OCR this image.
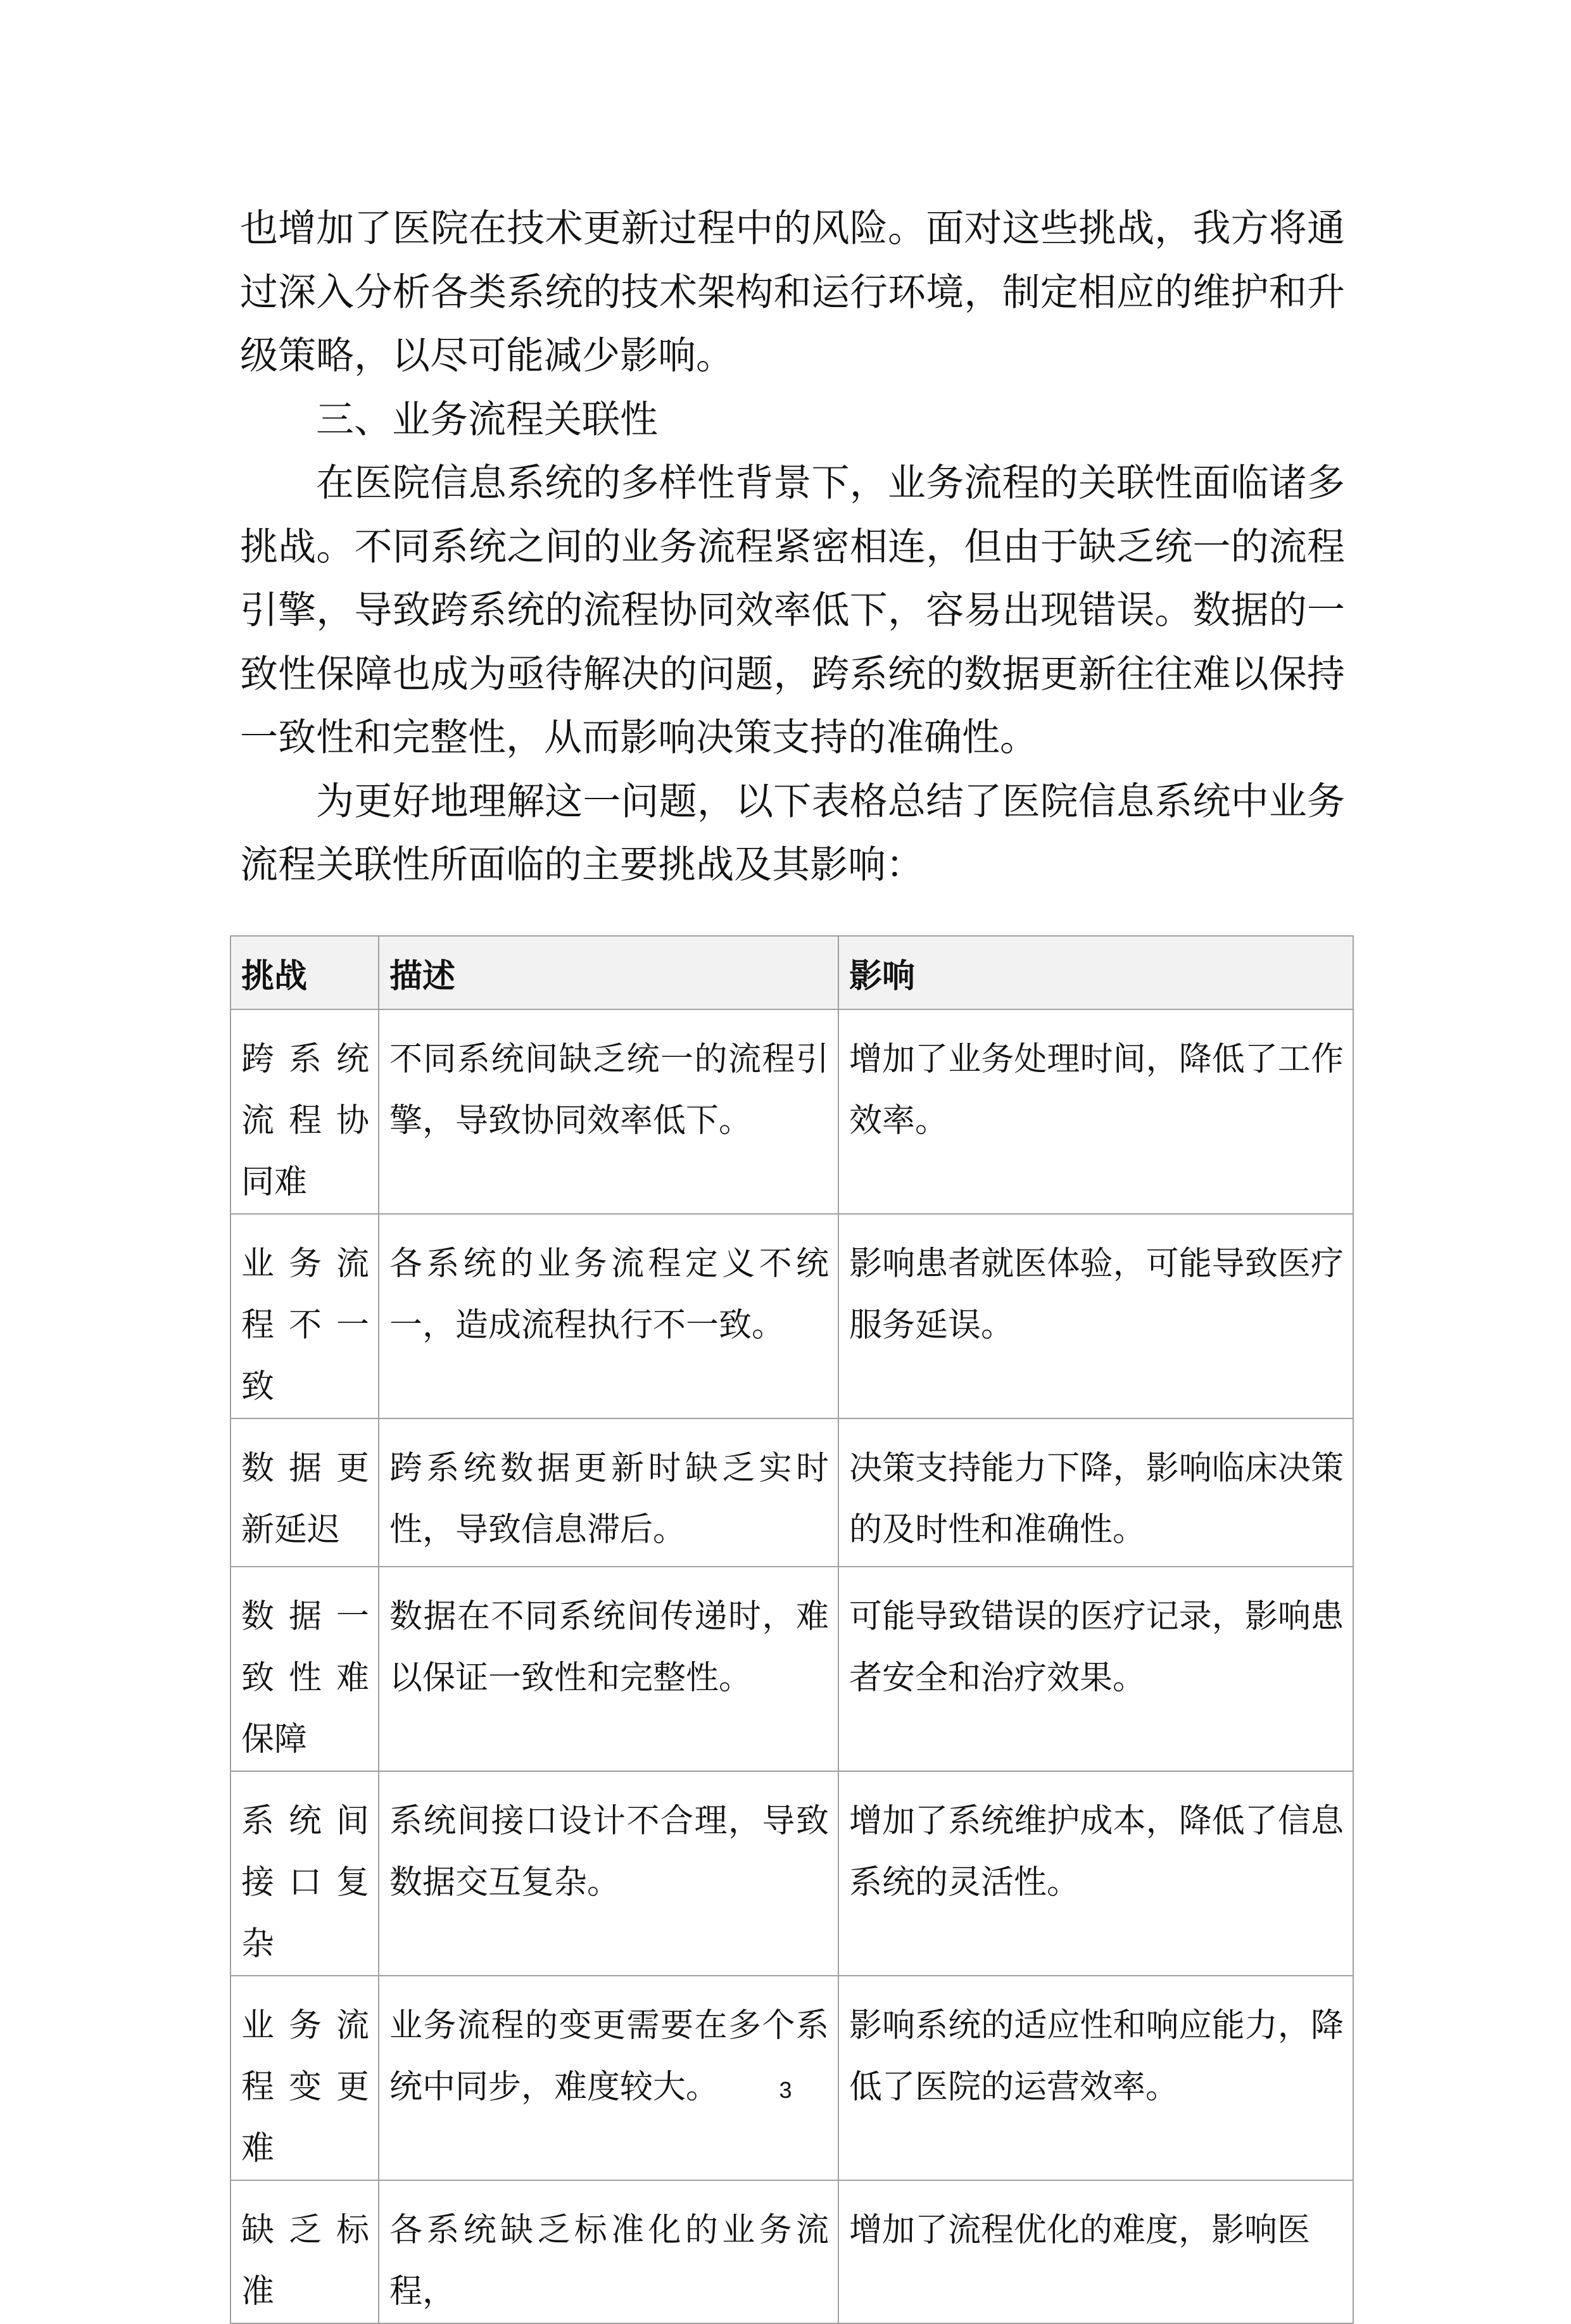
也增加了医院在技术更新过程中的风险。面对这些挑战，我方将通过深入分析各类系统的技术架构和运行环境，制定相应的维护和升级策略，以尽可能减少影响。

三、业务流程关联性

在医院信息系统的多样性背景下，业务流程的关联性面临诸多挑战。不同系统之间的业务流程紧密相连，但由于缺乏统一的流程引擎，导致跨系统的流程协同效率低下，容易出现错误。数据的一致性保障也成为亟待解决的问题，跨系统的数据更新往往难以保持一致性和完整性，从而影响决策支持的准确性。

为更好地理解这一问题，以下表格总结了医院信息系统中业务流程关联性所面临的主要挑战及其影响：

挑战	描述	影响
跨系统流程协同难	不同系统间缺乏统一的流程引擎，导致协同效率低下。	增加了业务处理时间，降低了工作效率。
业务流程不一致	各系统的业务流程定义不统一，造成流程执行不一致。	影响患者就医体验，可能导致医疗服务延误。
数据更新延迟	跨系统数据更新时缺乏实时性，导致信息滞后。	决策支持能力下降，影响临床决策的及时性和准确性。
数据一致性难保障	数据在不同系统间传递时，难以保证一致性和完整性。	可能导致错误的医疗记录，影响患者安全和治疗效果。
系统间接口复杂	系统间接口设计不合理，导致数据交互复杂。	增加了系统维护成本，降低了信息系统的灵活性。
业务流程变更难	业务流程的变更需要在多个系统中同步，难度较大。	影响系统的适应性和响应能力，降低了医院的运营效率。
缺乏标准	各系统缺乏标准化的业务流程，	增加了流程优化的难度，影响医
3
